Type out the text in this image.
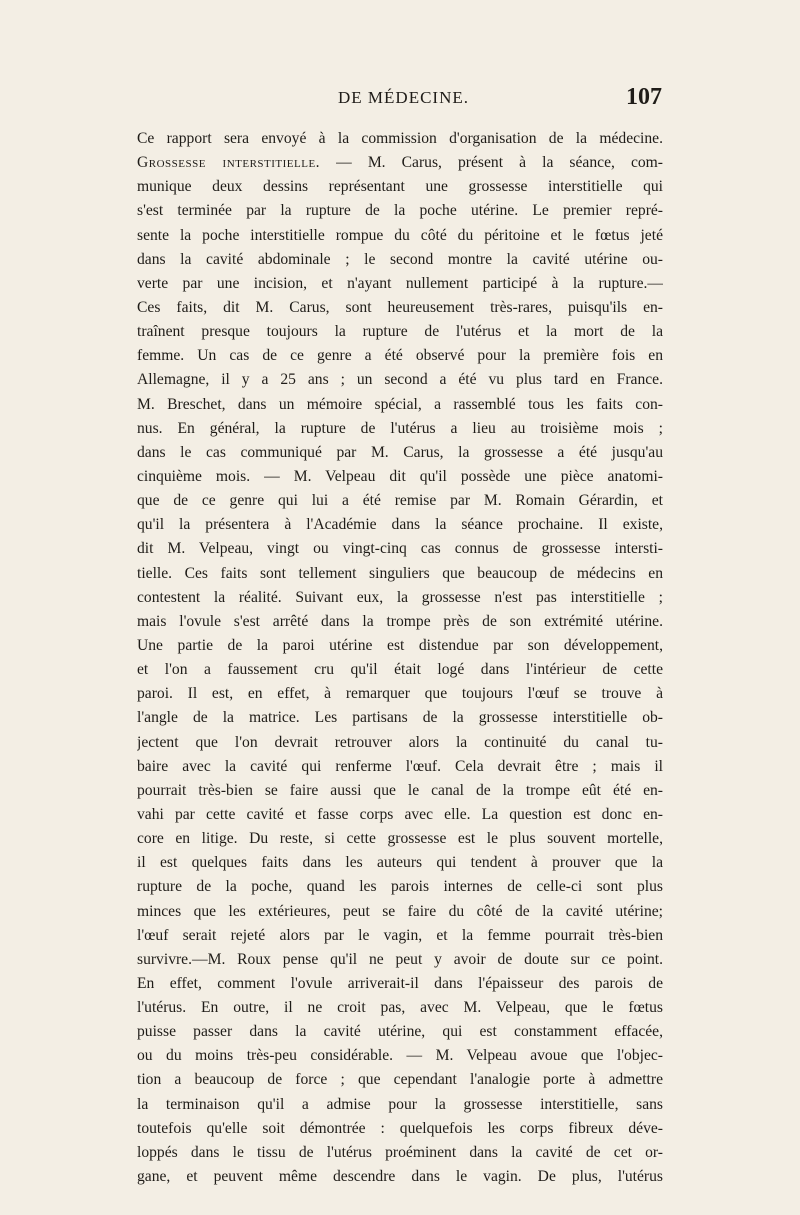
DE MÉDECINE.	107
Ce rapport sera envoyé à la commission d'organisation de la médecine.
Grossesse interstitielle. — M. Carus, présent à la séance, com-
munique deux dessins représentant une grossesse interstitielle qui
s'est terminée par la rupture de la poche utérine. Le premier repré-
sente la poche interstitielle rompue du côté du péritoine et le fœtus jeté
dans la cavité abdominale ; le second montre la cavité utérine ou-
verte par une incision, et n'ayant nullement participé à la rupture.—
Ces faits, dit M. Carus, sont heureusement très-rares, puisqu'ils en-
traînent presque toujours la rupture de l'utérus et la mort de la
femme. Un cas de ce genre a été observé pour la première fois en
Allemagne, il y a 25 ans ; un second a été vu plus tard en France.
M. Breschet, dans un mémoire spécial, a rassemblé tous les faits con-
nus. En général, la rupture de l'utérus a lieu au troisième mois ;
dans le cas communiqué par M. Carus, la grossesse a été jusqu'au
cinquième mois. — M. Velpeau dit qu'il possède une pièce anatomi-
que de ce genre qui lui a été remise par M. Romain Gérardin, et
qu'il la présentera à l'Académie dans la séance prochaine. Il existe,
dit M. Velpeau, vingt ou vingt-cinq cas connus de grossesse intersti-
tielle. Ces faits sont tellement singuliers que beaucoup de médecins en
contestent la réalité. Suivant eux, la grossesse n'est pas interstitielle ;
mais l'ovule s'est arrêté dans la trompe près de son extrémité utérine.
Une partie de la paroi utérine est distendue par son développement,
et l'on a faussement cru qu'il était logé dans l'intérieur de cette
paroi. Il est, en effet, à remarquer que toujours l'œuf se trouve à
l'angle de la matrice. Les partisans de la grossesse interstitielle ob-
jectent que l'on devrait retrouver alors la continuité du canal tu-
baire avec la cavité qui renferme l'œuf. Cela devrait être ; mais il
pourrait très-bien se faire aussi que le canal de la trompe eût été en-
vahi par cette cavité et fasse corps avec elle. La question est donc en-
core en litige. Du reste, si cette grossesse est le plus souvent mortelle,
il est quelques faits dans les auteurs qui tendent à prouver que la
rupture de la poche, quand les parois internes de celle-ci sont plus
minces que les extérieures, peut se faire du côté de la cavité utérine;
l'œuf serait rejeté alors par le vagin, et la femme pourrait très-bien
survivre.—M. Roux pense qu'il ne peut y avoir de doute sur ce point.
En effet, comment l'ovule arriverait-il dans l'épaisseur des parois de
l'utérus. En outre, il ne croit pas, avec M. Velpeau, que le fœtus
puisse passer dans la cavité utérine, qui est constamment effacée,
ou du moins très-peu considérable. — M. Velpeau avoue que l'objec-
tion a beaucoup de force ; que cependant l'analogie porte à admettre
la terminaison qu'il a admise pour la grossesse interstitielle, sans
toutefois qu'elle soit démontrée : quelquefois les corps fibreux déve-
loppés dans le tissu de l'utérus proéminent dans la cavité de cet or-
gane, et peuvent même descendre dans le vagin. De plus, l'utérus
